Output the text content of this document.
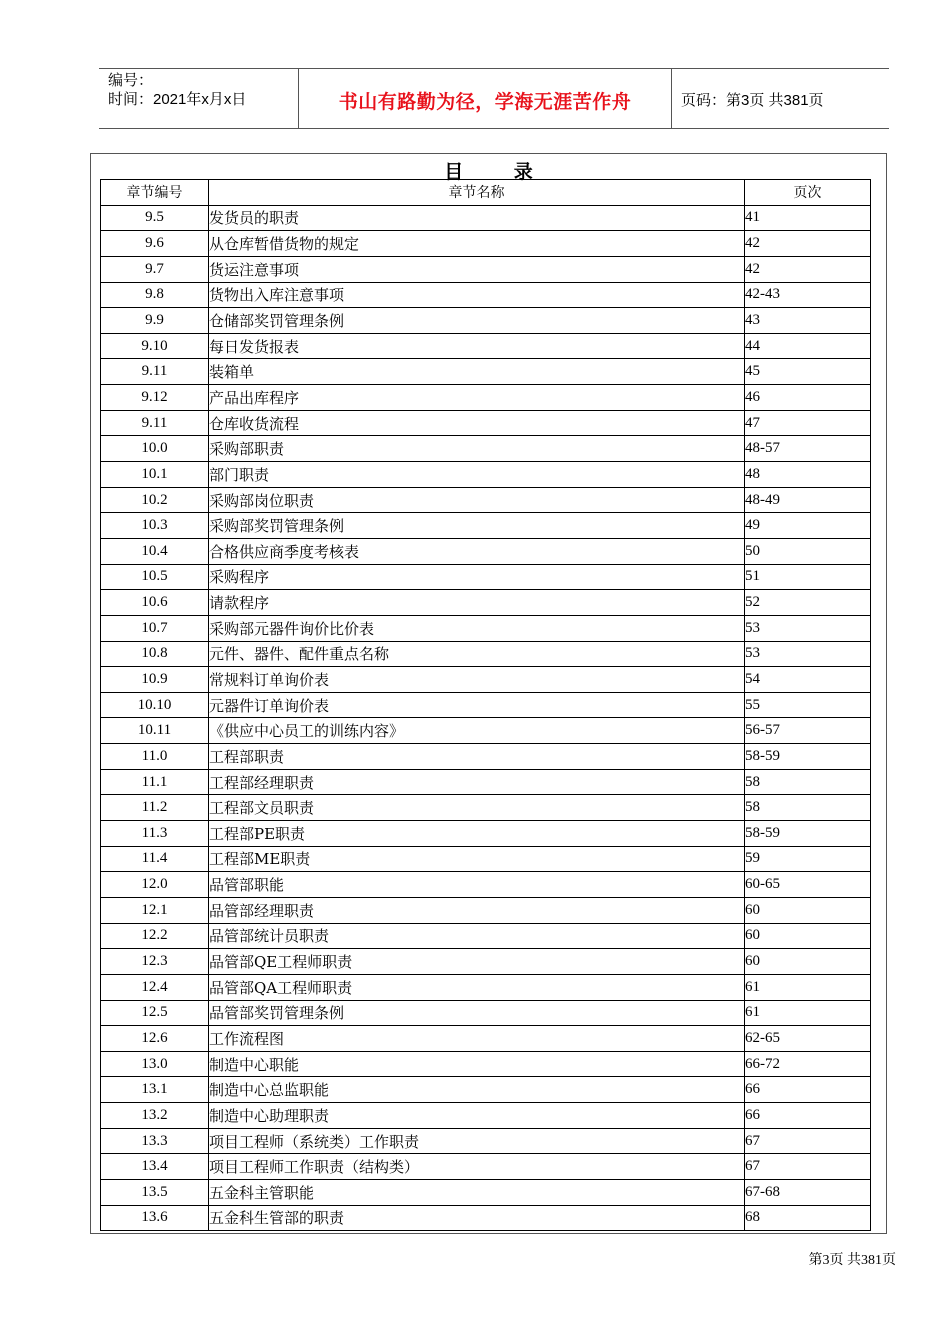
编号：
时间：2021年x月x日	书山有路勤为径，学海无涯苦作舟	页码：第3页 共381页
目 录
章节编号	章节名称	页次
9.5	发货员的职责	41
9.6	从仓库暂借货物的规定	42
9.7	货运注意事项	42
9.8	货物出入库注意事项	42-43
9.9	仓储部奖罚管理条例	43
9.10	每日发货报表	44
9.11	装箱单	45
9.12	产品出库程序	46
9.11	仓库收货流程	47
10.0	采购部职责	48-57
10.1	部门职责	48
10.2	采购部岗位职责	48-49
10.3	采购部奖罚管理条例	49
10.4	合格供应商季度考核表	50
10.5	采购程序	51
10.6	请款程序	52
10.7	采购部元器件询价比价表	53
10.8	元件、器件、配件重点名称	53
10.9	常规料订单询价表	54
10.10	元器件订单询价表	55
10.11	《供应中心员工的训练内容》	56-57
11.0	工程部职责	58-59
11.1	工程部经理职责	58
11.2	工程部文员职责	58
11.3	工程部PE职责	58-59
11.4	工程部ME职责	59
12.0	品管部职能	60-65
12.1	品管部经理职责	60
12.2	品管部统计员职责	60
12.3	品管部QE工程师职责	60
12.4	品管部QA工程师职责	61
12.5	品管部奖罚管理条例	61
12.6	工作流程图	62-65
13.0	制造中心职能	66-72
13.1	制造中心总监职能	66
13.2	制造中心助理职责	66
13.3	项目工程师（系统类）工作职责	67
13.4	项目工程师工作职责（结构类）	67
13.5	五金科主管职能	67-68
13.6	五金科生管部的职责	68
第3页 共381页
